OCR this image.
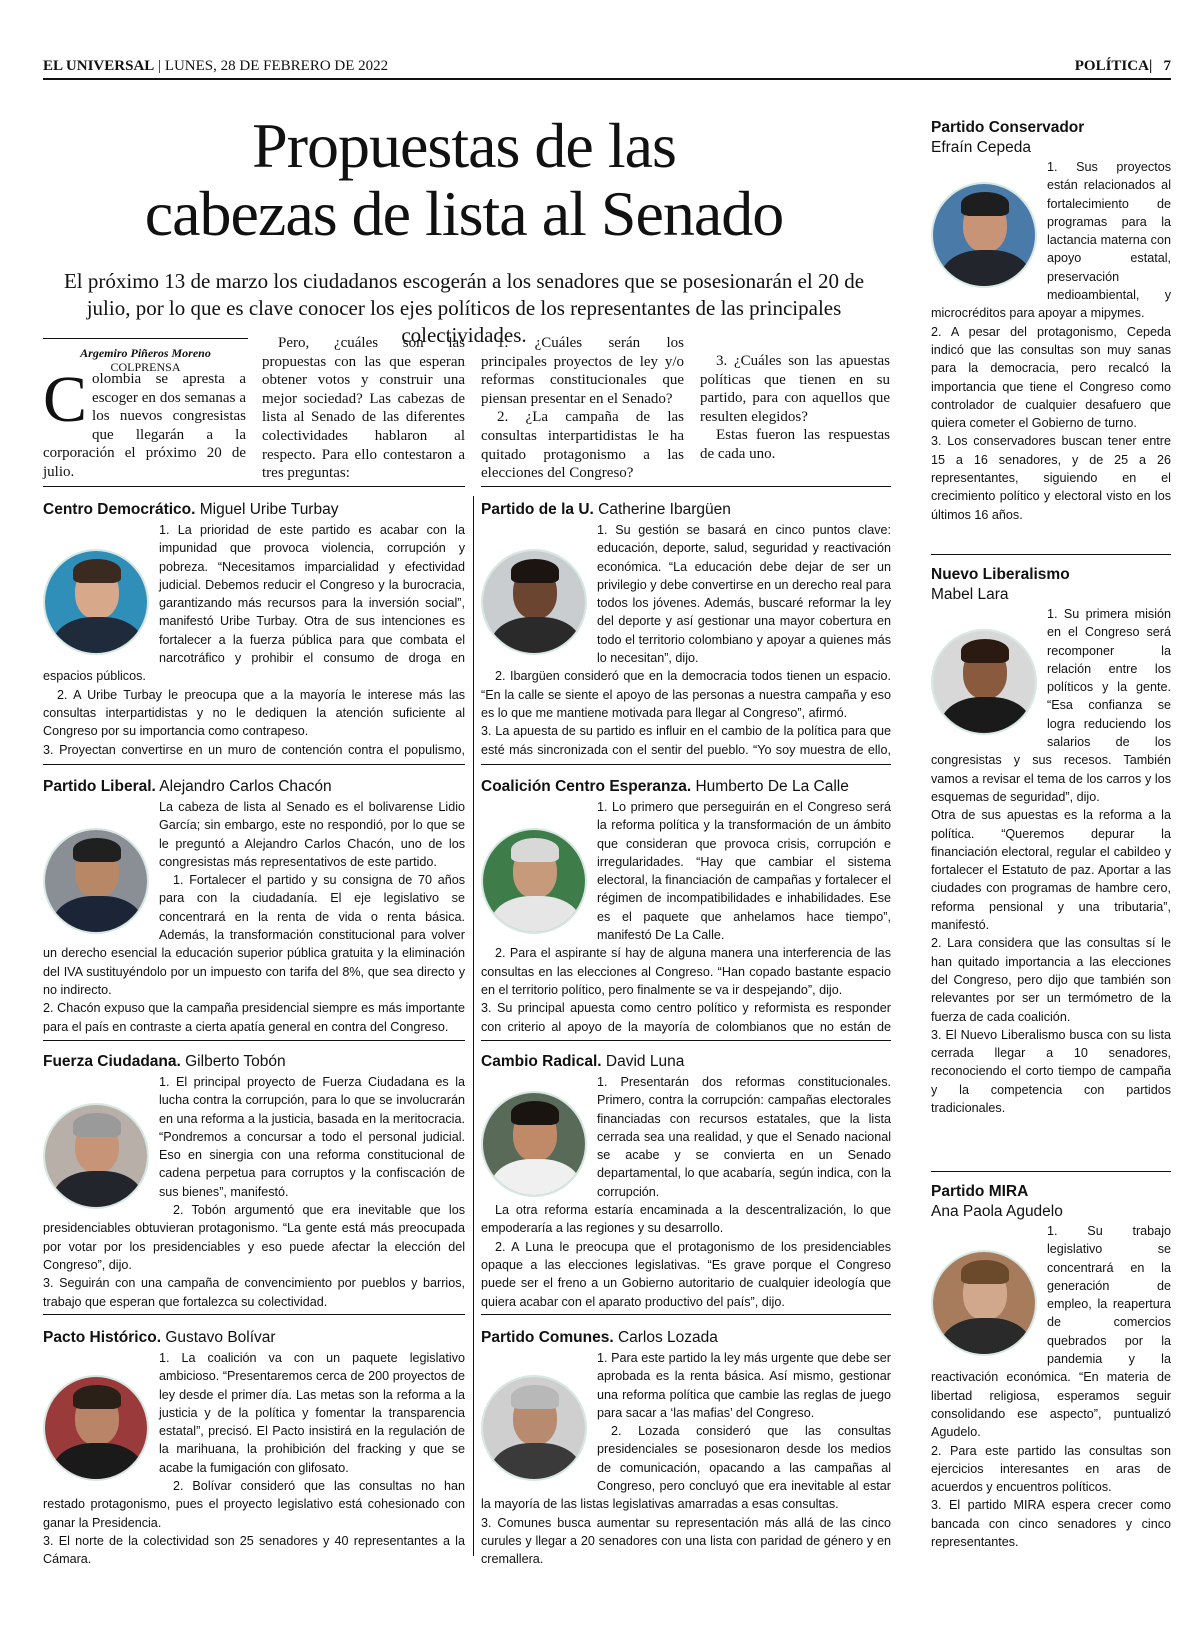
EL UNIVERSAL | LUNES, 28 DE FEBRERO DE 2022	POLÍTICA|   7
Propuestas de las
cabezas de lista al Senado

El próximo 13 de marzo los ciudadanos escogerán a los senadores que se posesionarán el 20 de julio, por lo que es clave conocer los ejes políticos de los representantes de las principales colectividades.

Argemiro Piñeros Moreno
COLPRENSA
C olombia se apresta a escoger en dos semanas a los nuevos congresistas que llegarán a la corporación el próximo 20 de julio.

Pero, ¿cuáles son las propuestas con las que esperan obtener votos y construir una mejor sociedad? Las cabezas de lista al Senado de las diferentes colectividades hablaron al respecto. Para ello contestaron a tres preguntas:

1. ¿Cuáles serán los principales proyectos de ley y/o reformas constitucionales que piensan presentar en el Senado?

2. ¿La campaña de las consultas interpartidistas le ha quitado protagonismo a las elecciones del Congreso?

3. ¿Cuáles son las apuestas políticas que tienen en su partido, para con aquellos que resulten elegidos?

Estas fueron las respuestas de cada uno.

Centro Democrático. Miguel Uribe Turbay

1. La prioridad de este partido es acabar con la impunidad que provoca violencia, corrupción y pobreza. “Necesitamos imparcialidad y efectividad judicial. Debemos reducir el Congreso y la burocracia, garantizando más recursos para la inversión social”, manifestó Uribe Turbay. Otra de sus intenciones es fortalecer a la fuerza pública para que combata el narcotráfico y prohibir el consumo de droga en espacios públicos.

2. A Uribe Turbay le preocupa que a la mayoría le interese más las consultas interpartidistas y no le dediquen la atención suficiente al Congreso por su importancia como contrapeso.

3. Proyectan convertirse en un muro de contención contra el populismo,

Partido de la U. Catherine Ibargüen

1. Su gestión se basará en cinco puntos clave: educación, deporte, salud, seguridad y reactivación económica. “La educación debe dejar de ser un privilegio y debe convertirse en un derecho real para todos los jóvenes. Además, buscaré reformar la ley del deporte y así gestionar una mayor cobertura en todo el territorio colombiano y apoyar a quienes más lo necesitan”, dijo.

2. Ibargüen consideró que en la democracia todos tienen un espacio. “En la calle se siente el apoyo de las personas a nuestra campaña y eso es lo que me mantiene motivada para llegar al Congreso”, afirmó.

3. La apuesta de su partido es influir en el cambio de la política para que esté más sincronizada con el sentir del pueblo. “Yo soy muestra de ello,

Partido Liberal. Alejandro Carlos Chacón

La cabeza de lista al Senado es el bolivarense Lidio García; sin embargo, este no respondió, por lo que se le preguntó a Alejandro Carlos Chacón, uno de los congresistas más representativos de este partido.

1. Fortalecer el partido y su consigna de 70 años para con la ciudadanía. El eje legislativo se concentrará en la renta de vida o renta básica. Además, la transformación constitucional para volver un derecho esencial la educación superior pública gratuita y la eliminación del IVA sustituyéndolo por un impuesto con tarifa del 8%, que sea directo y no indirecto.

2. Chacón expuso que la campaña presidencial siempre es más importante para el país en contraste a cierta apatía general en contra del Congreso.

Coalición Centro Esperanza. Humberto De La Calle

1. Lo primero que perseguirán en el Congreso será la reforma política y la transformación de un ámbito que consideran que provoca crisis, corrupción e irregularidades. “Hay que cambiar el sistema electoral, la financiación de campañas y fortalecer el régimen de incompatibilidades e inhabilidades. Ese es el paquete que anhelamos hace tiempo”, manifestó De La Calle.

2. Para el aspirante sí hay de alguna manera una interferencia de las consultas en las elecciones al Congreso. “Han copado bastante espacio en el territorio político, pero finalmente se va ir despejando”, dijo.

3. Su principal apuesta como centro político y reformista es responder con criterio al apoyo de la mayoría de colombianos que no están de

Fuerza Ciudadana. Gilberto Tobón

1. El principal proyecto de Fuerza Ciudadana es la lucha contra la corrupción, para lo que se involucrarán en una reforma a la justicia, basada en la meritocracia. “Pondremos a concursar a todo el personal judicial. Eso en sinergia con una reforma constitucional de cadena perpetua para corruptos y la confiscación de sus bienes”, manifestó.

2. Tobón argumentó que era inevitable que los presidenciables obtuvieran protagonismo. “La gente está más preocupada por votar por los presidenciables y eso puede afectar la elección del Congreso”, dijo.

3. Seguirán con una campaña de convencimiento por pueblos y barrios, trabajo que esperan que fortalezca su colectividad.

Cambio Radical. David Luna

1. Presentarán dos reformas constitucionales. Primero, contra la corrupción: campañas electorales financiadas con recursos estatales, que la lista cerrada sea una realidad, y que el Senado nacional se acabe y se convierta en un Senado departamental, lo que acabaría, según indica, con la corrupción.

La otra reforma estaría encaminada a la descentralización, lo que empoderaría a las regiones y su desarrollo.

2. A Luna le preocupa que el protagonismo de los presidenciables opaque a las elecciones legislativas. “Es grave porque el Congreso puede ser el freno a un Gobierno autoritario de cualquier ideología que quiera acabar con el aparato productivo del país”, dijo.

Pacto Histórico. Gustavo Bolívar

1. La coalición va con un paquete legislativo ambicioso. “Presentaremos cerca de 200 proyectos de ley desde el primer día. Las metas son la reforma a la justicia y de la política y fomentar la transparencia estatal”, precisó. El Pacto insistirá en la regulación de la marihuana, la prohibición del fracking y que se acabe la fumigación con glifosato.

2. Bolívar consideró que las consultas no han restado protagonismo, pues el proyecto legislativo está cohesionado con ganar la Presidencia.

3. El norte de la colectividad son 25 senadores y 40 representantes a la Cámara.

Partido Comunes. Carlos Lozada

1. Para este partido la ley más urgente que debe ser aprobada es la renta básica. Así mismo, gestionar una reforma política que cambie las reglas de juego para sacar a ‘las mafias’ del Congreso.

2. Lozada consideró que las consultas presidenciales se posesionaron desde los medios de comunicación, opacando a las campañas al Congreso, pero concluyó que era inevitable al estar la mayoría de las listas legislativas amarradas a esas consultas.

3. Comunes busca aumentar su representación más allá de las cinco curules y llegar a 20 senadores con una lista con paridad de género y en cremallera.

Partido Conservador
Efraín Cepeda

1. Sus proyectos están relacionados al fortalecimiento de programas para la lactancia materna con apoyo estatal, preservación medioambiental, y microcréditos para apoyar a mipymes.

2. A pesar del protagonismo, Cepeda indicó que las consultas son muy sanas para la democracia, pero recalcó la importancia que tiene el Congreso como controlador de cualquier desafuero que quiera cometer el Gobierno de turno.

3. Los conservadores buscan tener entre 15 a 16 senadores, y de 25 a 26 representantes, siguiendo en el crecimiento político y electoral visto en los últimos 16 años.

Nuevo Liberalismo
Mabel Lara

1. Su primera misión en el Congreso será recomponer la relación entre los políticos y la gente. “Esa confianza se logra reduciendo los salarios de los congresistas y sus recesos. También vamos a revisar el tema de los carros y los esquemas de seguridad”, dijo.

Otra de sus apuestas es la reforma a la política. “Queremos depurar la financiación electoral, regular el cabildeo y fortalecer el Estatuto de paz. Aportar a las ciudades con programas de hambre cero, reforma pensional y una tributaria”, manifestó.

2. Lara considera que las consultas sí le han quitado importancia a las elecciones del Congreso, pero dijo que también son relevantes por ser un termómetro de la fuerza de cada coalición.

3. El Nuevo Liberalismo busca con su lista cerrada llegar a 10 senadores, reconociendo el corto tiempo de campaña y la competencia con partidos tradicionales.

Partido MIRA
Ana Paola Agudelo

1. Su trabajo legislativo se concentrará en la generación de empleo, la reapertura de comercios quebrados por la pandemia y la reactivación económica. “En materia de libertad religiosa, esperamos seguir consolidando ese aspecto”, puntualizó Agudelo.

2. Para este partido las consultas son ejercicios interesantes en aras de acuerdos y encuentros políticos.

3. El partido MIRA espera crecer como bancada con cinco senadores y cinco representantes.
